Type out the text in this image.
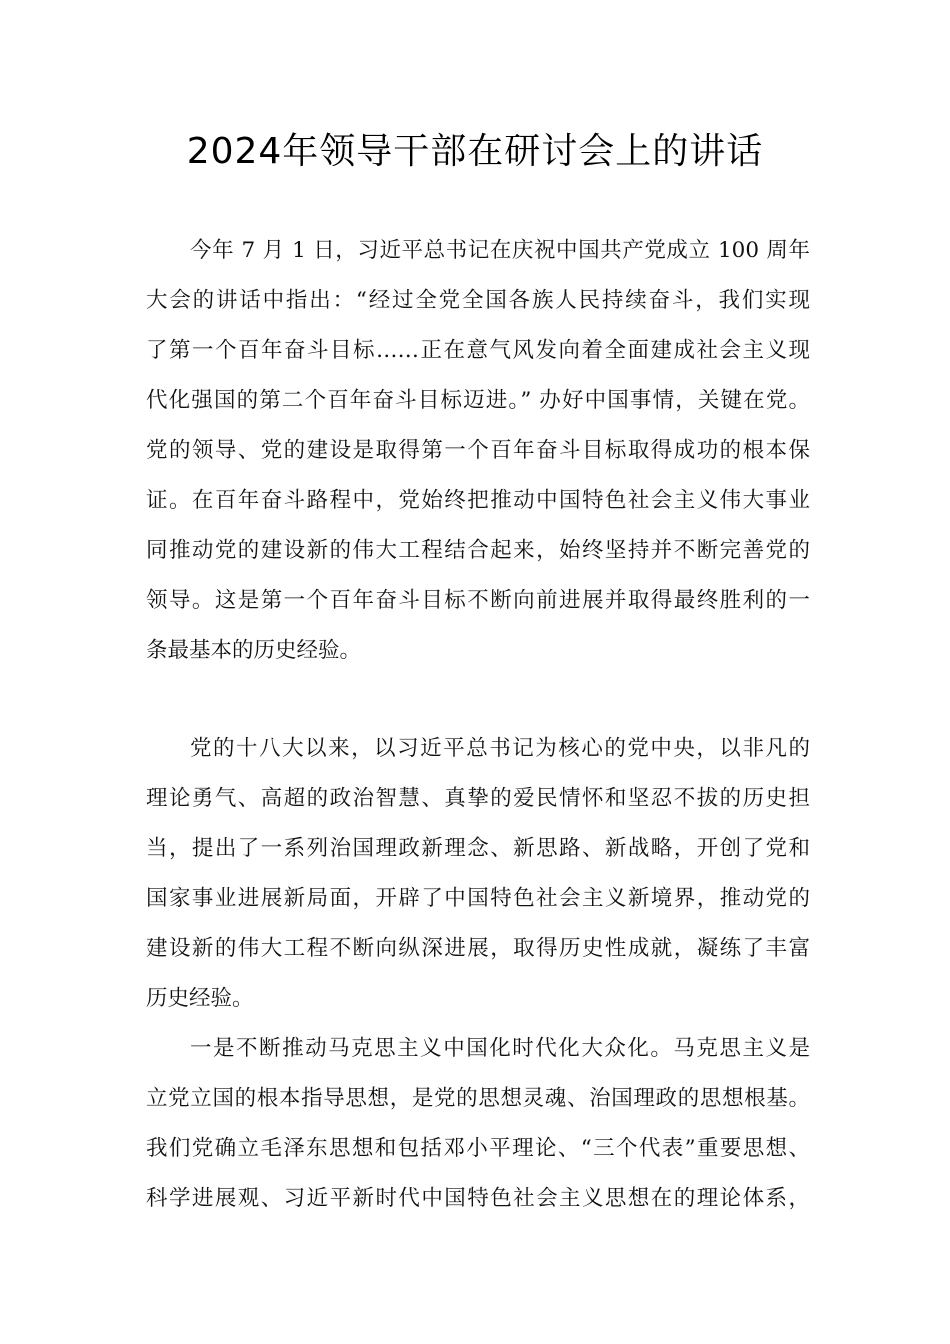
2024年领导干部在研讨会上的讲话
今年 7 月 1 日，习近平总书记在庆祝中国共产党成立 100 周年
大会的讲话中指出：“经过全党全国各族人民持续奋斗，我们实现
了第一个百年奋斗目标……正在意气风发向着全面建成社会主义现
代化强国的第二个百年奋斗目标迈进。” 办好中国事情，关键在党。
党的领导、党的建设是取得第一个百年奋斗目标取得成功的根本保
证。在百年奋斗路程中，党始终把推动中国特色社会主义伟大事业
同推动党的建设新的伟大工程结合起来，始终坚持并不断完善党的
领导。这是第一个百年奋斗目标不断向前进展并取得最终胜利的一
条最基本的历史经验。
党的十八大以来，以习近平总书记为核心的党中央，以非凡的
理论勇气、高超的政治智慧、真挚的爱民情怀和坚忍不拔的历史担
当，提出了一系列治国理政新理念、新思路、新战略，开创了党和
国家事业进展新局面，开辟了中国特色社会主义新境界，推动党的
建设新的伟大工程不断向纵深进展，取得历史性成就，凝练了丰富
历史经验。
一是不断推动马克思主义中国化时代化大众化。马克思主义是
立党立国的根本指导思想，是党的思想灵魂、治国理政的思想根基。
我们党确立毛泽东思想和包括邓小平理论、“三个代表”重要思想、
科学进展观、习近平新时代中国特色社会主义思想在的理论体系，
